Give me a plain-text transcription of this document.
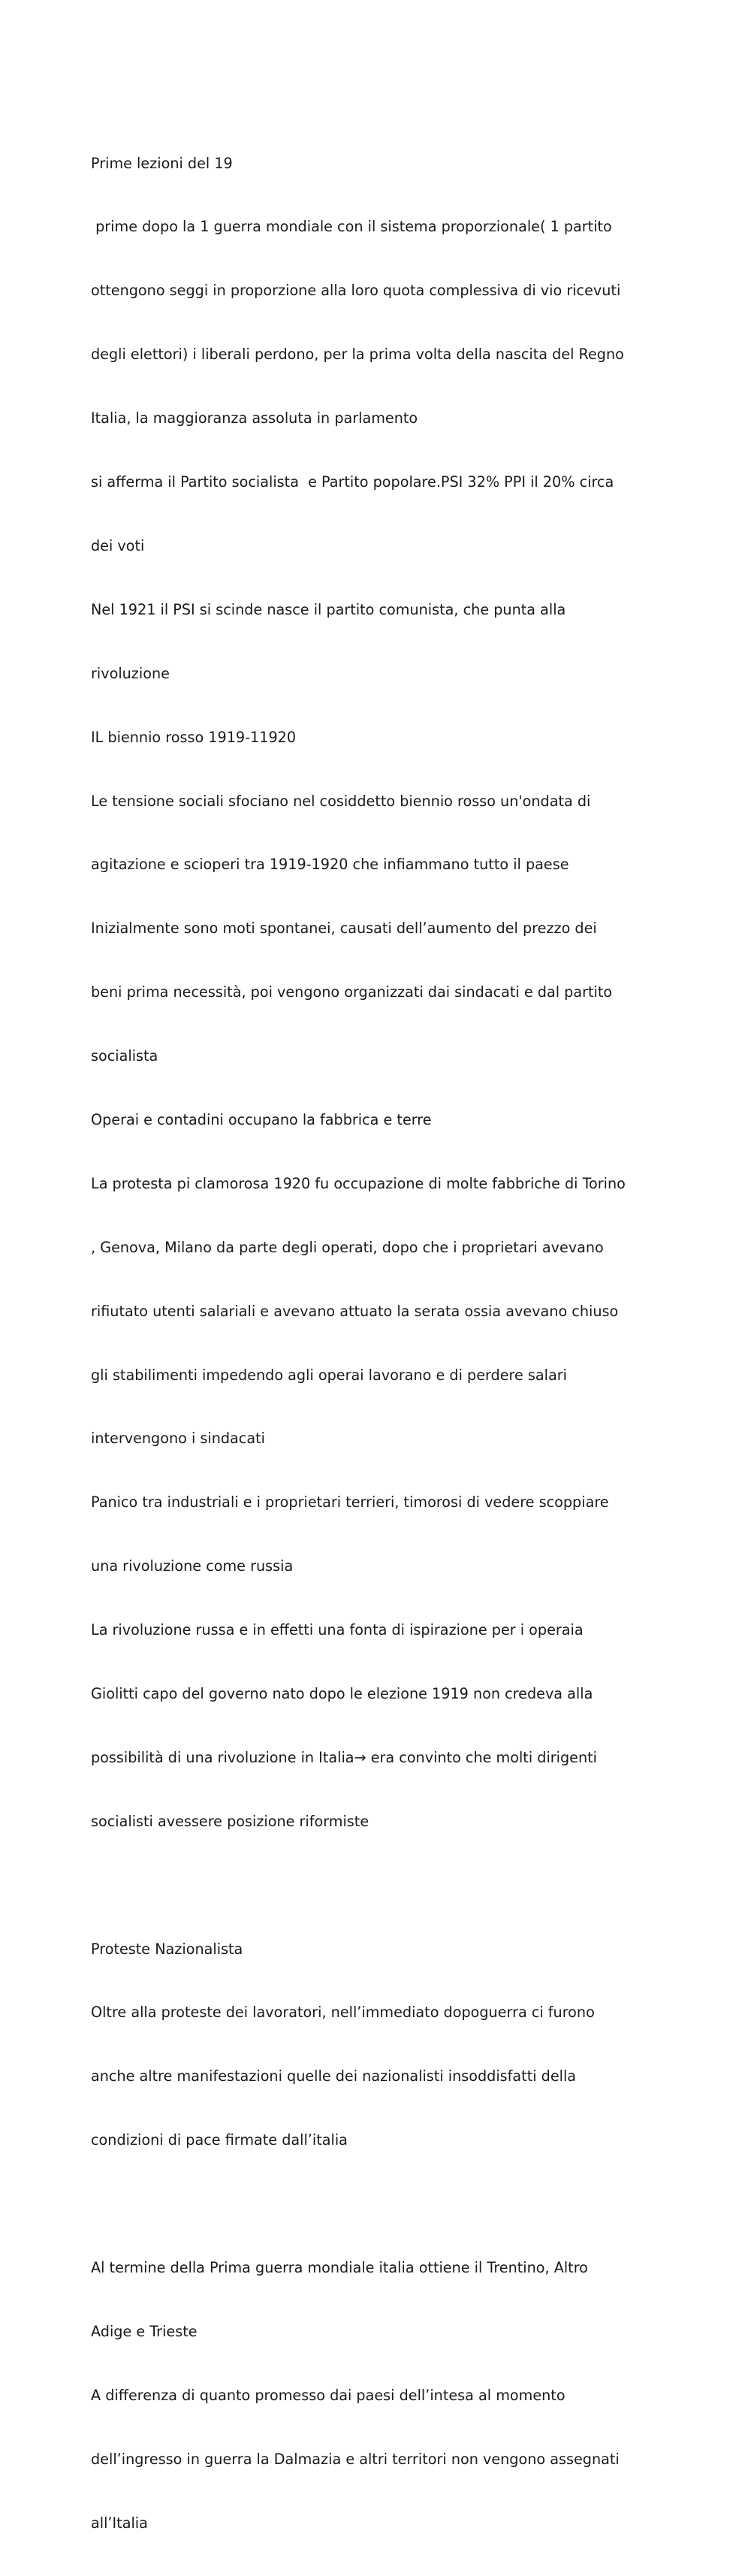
Prime lezioni del 19

prime dopo la 1 guerra mondiale con il sistema proporzionale( 1 partito

ottengono seggi in proporzione alla loro quota complessiva di vio ricevuti

degli elettori) i liberali perdono, per la prima volta della nascita del Regno

Italia, la maggioranza assoluta in parlamento

si afferma il Partito socialista  e Partito popolare.PSI 32% PPI il 20% circa

dei voti

Nel 1921 il PSI si scinde nasce il partito comunista, che punta alla

rivoluzione

IL biennio rosso 1919-11920

Le tensione sociali sfociano nel cosiddetto biennio rosso un'ondata di

agitazione e scioperi tra 1919-1920 che infiammano tutto il paese

Inizialmente sono moti spontanei, causati dell’aumento del prezzo dei

beni prima necessità, poi vengono organizzati dai sindacati e dal partito

socialista

Operai e contadini occupano la fabbrica e terre

La protesta pi clamorosa 1920 fu occupazione di molte fabbriche di Torino

, Genova, Milano da parte degli operati, dopo che i proprietari avevano

rifiutato utenti salariali e avevano attuato la serata ossia avevano chiuso

gli stabilimenti impedendo agli operai lavorano e di perdere salari

intervengono i sindacati

Panico tra industriali e i proprietari terrieri, timorosi di vedere scoppiare

una rivoluzione come russia

La rivoluzione russa e in effetti una fonta di ispirazione per i operaia

Giolitti capo del governo nato dopo le elezione 1919 non credeva alla

possibilità di una rivoluzione in Italia→ era convinto che molti dirigenti

socialisti avessere posizione riformiste

Proteste Nazionalista

Oltre alla proteste dei lavoratori, nell’immediato dopoguerra ci furono

anche altre manifestazioni quelle dei nazionalisti insoddisfatti della

condizioni di pace firmate dall’italia

Al termine della Prima guerra mondiale italia ottiene il Trentino, Altro

Adige e Trieste

A differenza di quanto promesso dai paesi dell’intesa al momento

dell’ingresso in guerra la Dalmazia e altri territori non vengono assegnati

all’Italia
